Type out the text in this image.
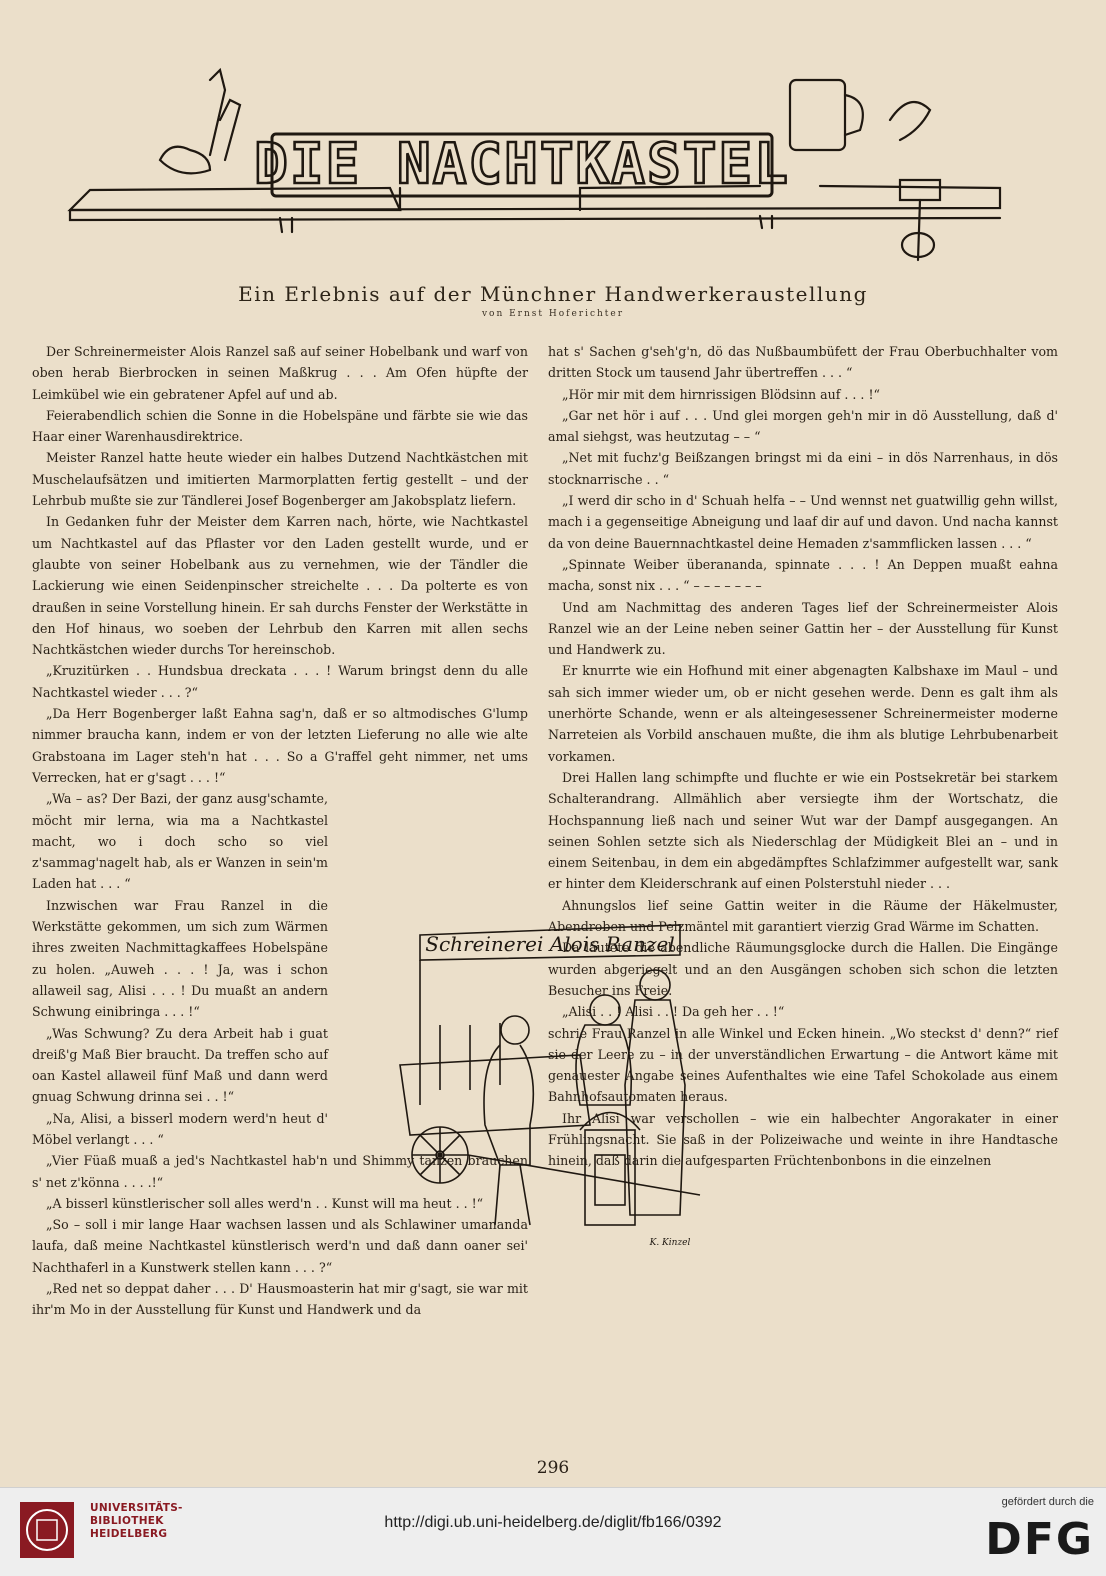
DIE NACHTKASTEL
Ein Erlebnis auf der Münchner Handwerkeraustellung
von Ernst Hoferichter

Der Schreinermeister Alois Ranzel saß auf seiner Hobelbank und warf von oben herab Bierbrocken in seinen Maßkrug . . . Am Ofen hüpfte der Leimkübel wie ein gebratener Apfel auf und ab.

Feierabendlich schien die Sonne in die Hobelspäne und färbte sie wie das Haar einer Warenhausdirektrice.

Meister Ranzel hatte heute wieder ein halbes Dutzend Nachtkästchen mit Muschelaufsätzen und imitierten Marmorplatten fertig gestellt – und der Lehrbub mußte sie zur Tändlerei Josef Bogenberger am Jakobsplatz liefern.

In Gedanken fuhr der Meister dem Karren nach, hörte, wie Nachtkastel um Nachtkastel auf das Pflaster vor den Laden gestellt wurde, und er glaubte von seiner Hobelbank aus zu vernehmen, wie der Tändler die Lackierung wie einen Seidenpinscher streichelte . . . Da polterte es von draußen in seine Vorstellung hinein. Er sah durchs Fenster der Werkstätte in den Hof hinaus, wo soeben der Lehrbub den Karren mit allen sechs Nachtkästchen wieder durchs Tor hereinschob.

„Kruzitürken . . Hundsbua dreckata . . . ! Warum bringst denn du alle Nachtkastel wieder . . . ?“

„Da Herr Bogenberger laßt Eahna sag'n, daß er so altmodisches G'lump nimmer braucha kann, indem er von der letzten Lieferung no alle wie alte Grabstoana im Lager steh'n hat . . . So a G'raffel geht nimmer, net ums Verrecken, hat er g'sagt . . . !“

„Wa – as? Der Bazi, der ganz ausg'schamte, möcht mir lerna, wia ma a Nachtkastel macht, wo i doch scho so viel z'sammag'nagelt hab, als er Wanzen in sein'm Laden hat . . . “

Inzwischen war Frau Ranzel in die Werkstätte gekommen, um sich zum Wärmen ihres zweiten Nachmittagkaffees Hobelspäne zu holen. „Auweh . . . ! Ja, was i schon allaweil sag, Alisi . . . ! Du muaßt an andern Schwung einibringa . . . !“

„Was Schwung? Zu dera Arbeit hab i guat dreiß'g Maß Bier braucht. Da treffen scho auf oan Kastel allaweil fünf Maß und dann werd gnuag Schwung drinna sei . . !“

„Na, Alisi, a bisserl modern werd'n heut d' Möbel verlangt . . . “

„Vier Füaß muaß a jed's Nachtkastel hab'n und Shimmy tanzen brauchen s' net z'könna . . . .!“

„A bisserl künstlerischer soll alles werd'n . . Kunst will ma heut . . !“

„So – soll i mir lange Haar wachsen lassen und als Schlawiner umananda laufa, daß meine Nachtkastel künstlerisch werd'n und daß dann oaner sei' Nachthaferl in a Kunstwerk stellen kann . . . ?“

„Red net so deppat daher . . . D' Hausmoasterin hat mir g'sagt, sie war mit ihr'm Mo in der Ausstellung für Kunst und Handwerk und da

hat s' Sachen g'seh'g'n, dö das Nußbaumbüfett der Frau Oberbuchhalter vom dritten Stock um tausend Jahr übertreffen . . . “

„Hör mir mit dem hirnrissigen Blödsinn auf . . . !“

„Gar net hör i auf . . . Und glei morgen geh'n mir in dö Ausstellung, daß d' amal siehgst, was heutzutag – – “

„Net mit fuchz'g Beißzangen bringst mi da eini – in dös Narrenhaus, in dös stocknarrische . . “

„I werd dir scho in d' Schuah helfa – – Und wennst net guatwillig gehn willst, mach i a gegenseitige Abneigung und laaf dir auf und davon. Und nacha kannst da von deine Bauernnachtkastel deine Hemaden z'sammflicken lassen . . . “

„Spinnate Weiber überananda, spinnate . . . ! An Deppen muaßt eahna macha, sonst nix . . . “ – – – – – – –

Und am Nachmittag des anderen Tages lief der Schreinermeister Alois Ranzel wie an der Leine neben seiner Gattin her – der Ausstellung für Kunst und Handwerk zu.

Er knurrte wie ein Hofhund mit einer abgenagten Kalbshaxe im Maul – und sah sich immer wieder um, ob er nicht gesehen werde. Denn es galt ihm als unerhörte Schande, wenn er als alteingesessener Schreinermeister moderne Narreteien als Vorbild anschauen mußte, die ihm als blutige Lehrbubenarbeit vorkamen.

Drei Hallen lang schimpfte und fluchte er wie ein Postsekretär bei starkem Schalterandrang. Allmählich aber versiegte ihm der Wortschatz, die Hochspannung ließ nach und seiner Wut war der Dampf ausgegangen. An seinen Sohlen setzte sich als Niederschlag der Müdigkeit Blei an – und in einem Seitenbau, in dem ein abgedämpftes Schlafzimmer aufgestellt war, sank er hinter dem Kleiderschrank auf einen Polsterstuhl nieder . . .

Ahnungslos lief seine Gattin weiter in die Räume der Häkelmuster, Abendroben und Pelzmäntel mit garantiert vierzig Grad Wärme im Schatten.

Da läutete die abendliche Räumungsglocke durch die Hallen. Die Eingänge wurden abgeriegelt und an den Ausgängen schoben sich schon die letzten Besucher ins Freie.

„Alisi . . ! Alisi . . ! Da geh her . . !“

schrie Frau Ranzel in alle Winkel und Ecken hinein. „Wo steckst d' denn?“ rief sie der Leere zu – in der unverständlichen Erwartung – die Antwort käme mit genauester Angabe seines Aufenthaltes wie eine Tafel Schokolade aus einem Bahnhofsautomaten heraus.

Ihr Alisi war verschollen – wie ein halbechter Angorakater in einer Frühlingsnacht. Sie saß in der Polizeiwache und weinte in ihre Handtasche hinein, daß darin die aufgesparten Früchtenbonbons in die einzelnen

Schreinerei Alois Ranzel
K. Kinzel
296
UNIVERSITÄTS-
BIBLIOTHEK
HEIDELBERG
http://digi.ub.uni-heidelberg.de/diglit/fb166/0392
gefördert durch die
DFG
